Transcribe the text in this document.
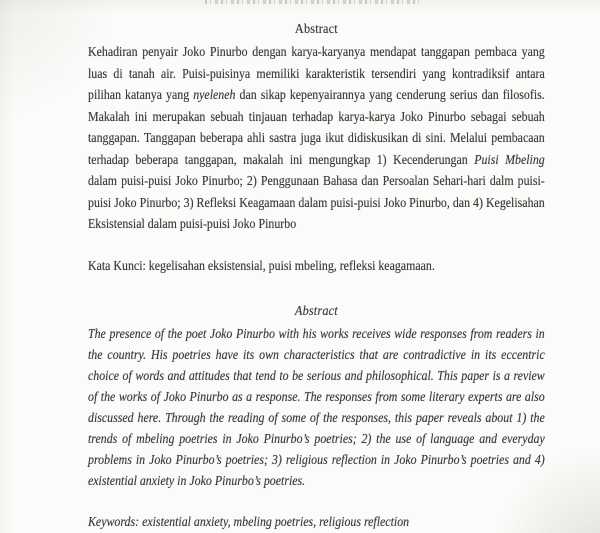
Abstract

Kehadiran penyair Joko Pinurbo dengan karya-karyanya mendapat tanggapan pembaca yang luas di tanah air. Puisi-puisinya memiliki karakteristik tersendiri yang kontradiksif antara pilihan katanya yang nyeleneh dan sikap kepenyairannya yang cenderung serius dan filosofis. Makalah ini merupakan sebuah tinjauan terhadap karya-karya Joko Pinurbo sebagai sebuah tanggapan. Tanggapan beberapa ahli sastra juga ikut didiskusikan di sini. Melalui pembacaan terhadap beberapa tanggapan, makalah ini mengungkap 1) Kecenderungan Puisi Mbeling dalam puisi-puisi Joko Pinurbo; 2) Penggunaan Bahasa dan Persoalan Sehari-hari dalm puisi-puisi Joko Pinurbo; 3) Refleksi Keagamaan dalam puisi-puisi Joko Pinurbo, dan 4) Kegelisahan Eksistensial dalam puisi-puisi Joko Pinurbo

Kata Kunci: kegelisahan eksistensial, puisi mbeling, refleksi keagamaan.

Abstract

The presence of the poet Joko Pinurbo with his works receives wide responses from readers in the country. His poetries have its own characteristics that are contradictive in its eccentric choice of words and attitudes that tend to be serious and philosophical. This paper is a review of the works of Joko Pinurbo as a response. The responses from some literary experts are also discussed here. Through the reading of some of the responses, this paper reveals about 1) the trends of mbeling poetries in Joko Pinurbo’s poetries; 2) the use of language and everyday problems in Joko Pinurbo’s poetries; 3) religious reflection in Joko Pinurbo’s poetries and 4) existential anxiety in Joko Pinurbo’s poetries.

Keywords: existential anxiety, mbeling poetries, religious reflection
